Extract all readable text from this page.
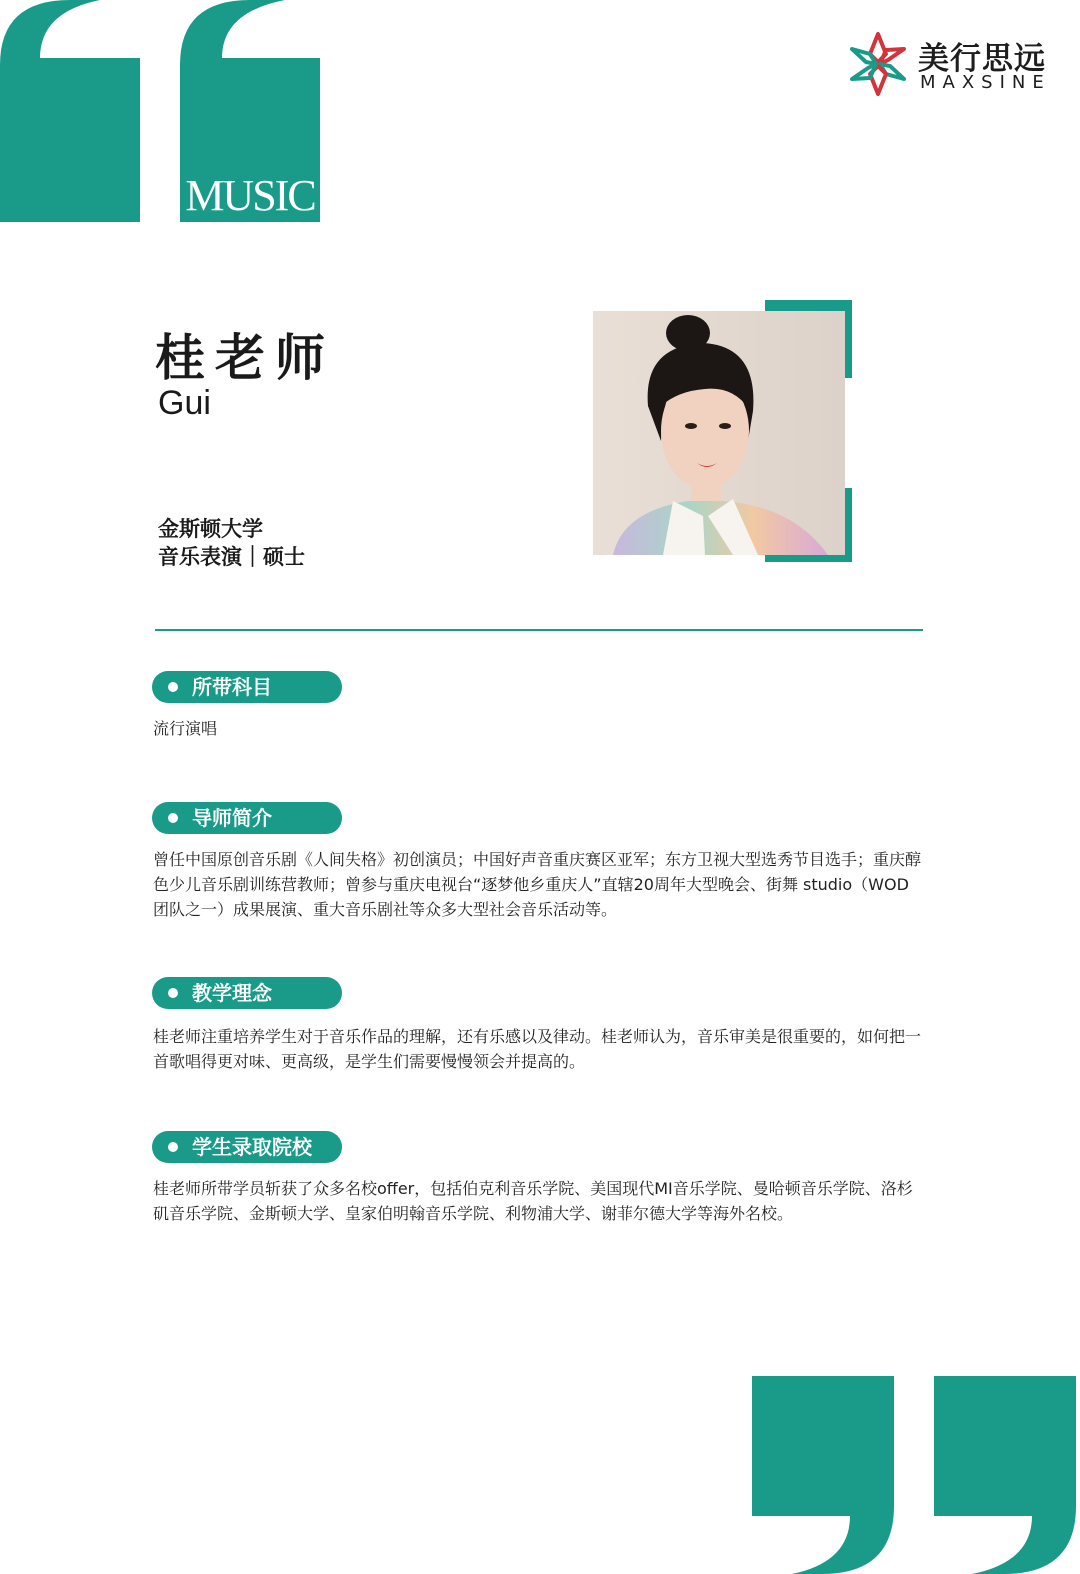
MUSIC
美行思远
MAXSINE
桂老师
Gui
金斯顿大学
音乐表演｜硕士
所带科目
流行演唱
导师简介
曾任中国原创音乐剧《人间失格》初创演员；中国好声音重庆赛区亚军；东方卫视大型选秀节目选手；重庆醇色少儿音乐剧训练营教师；曾参与重庆电视台“逐梦他乡重庆人”直辖20周年大型晚会、街舞 studio（WOD团队之一）成果展演、重大音乐剧社等众多大型社会音乐活动等。
教学理念
桂老师注重培养学生对于音乐作品的理解，还有乐感以及律动。桂老师认为，音乐审美是很重要的，如何把一首歌唱得更对味、更高级，是学生们需要慢慢领会并提高的。
学生录取院校
桂老师所带学员斩获了众多名校offer，包括伯克利音乐学院、美国现代MI音乐学院、曼哈顿音乐学院、洛杉矶音乐学院、金斯顿大学、皇家伯明翰音乐学院、利物浦大学、谢菲尔德大学等海外名校。
